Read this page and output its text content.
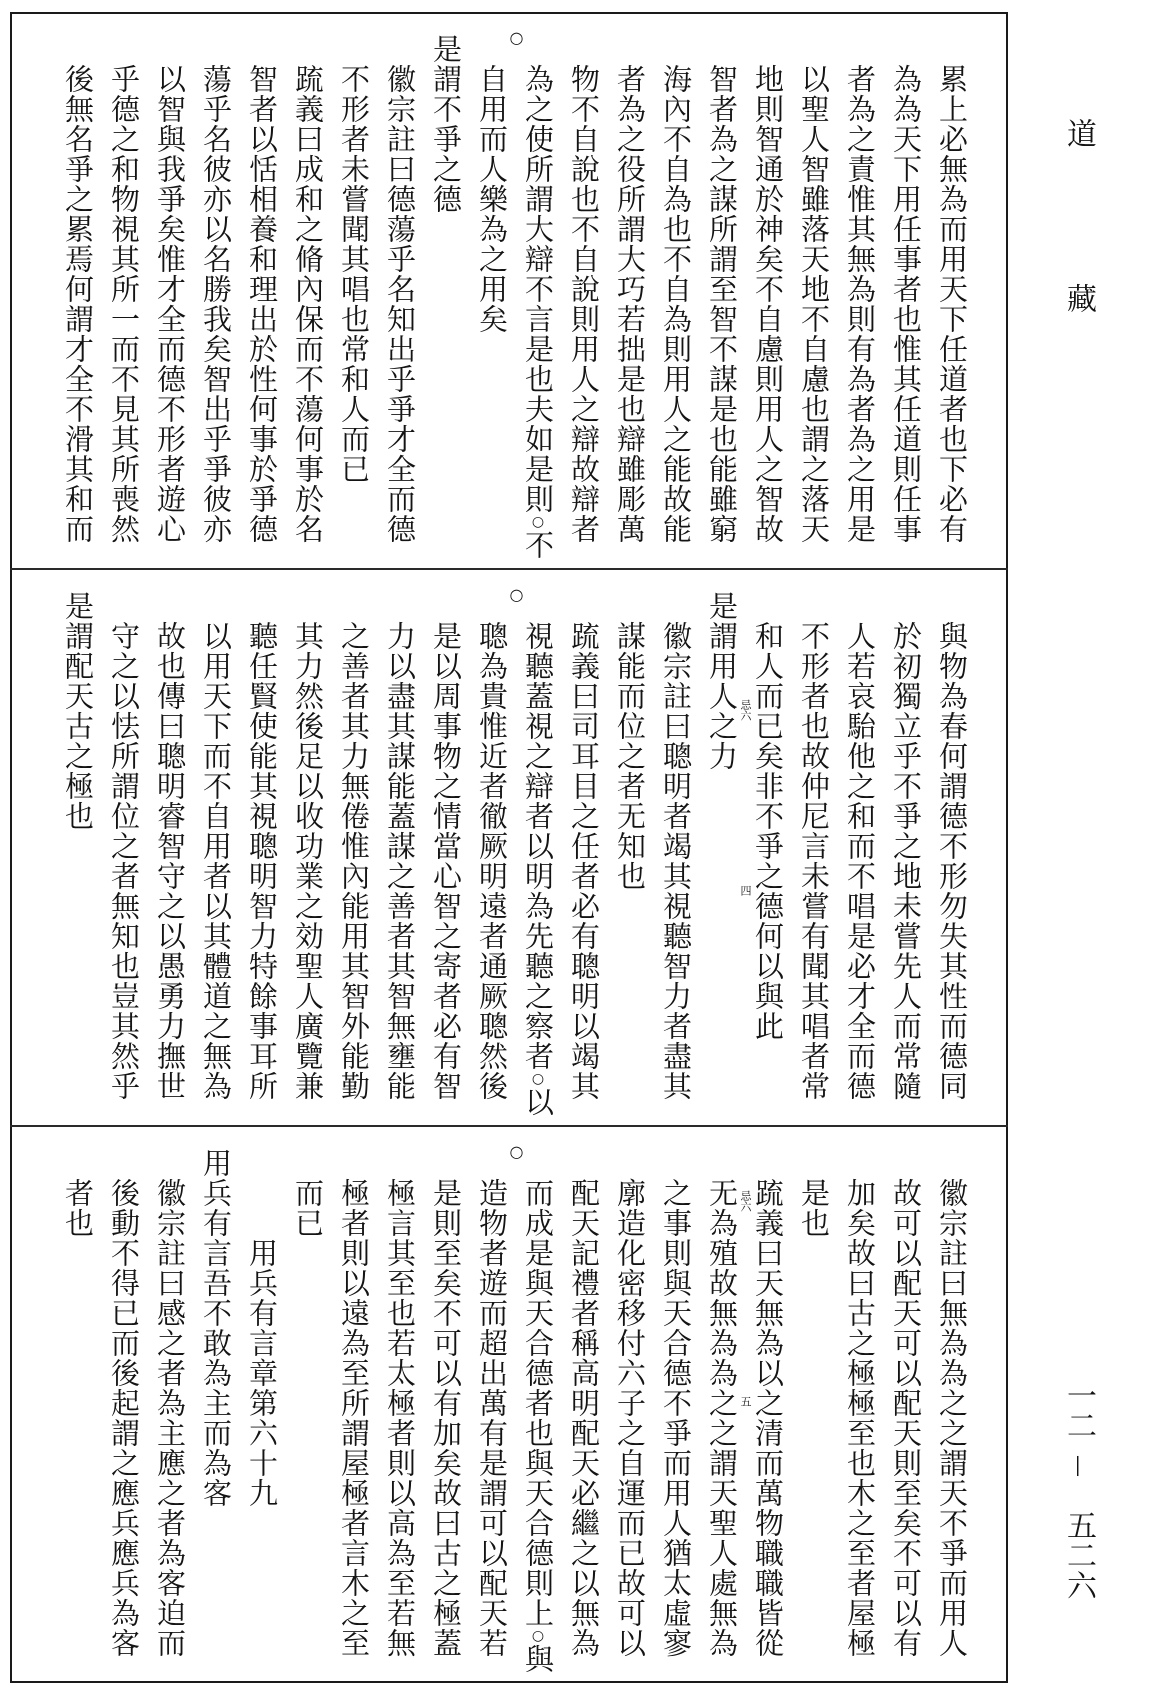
○
累上必無為而用天下任道者也下必有
為為天下用任事者也惟其任道則任事
者為之責惟其無為則有為者為之用是
以聖人智雖落天地不自慮也謂之落天
地則智通於神矣不自慮則用人之智故
智者為之謀所謂至智不謀是也能雖窮
海內不自為也不自為則用人之能故能
者為之役所謂大巧若拙是也辯雖彫萬
物不自說也不自說則用人之辯故辯者
為之使所謂大辯不言是也夫如是則○不
自用而人樂為之用矣
是謂不爭之德
徽宗註曰德蕩乎名知出乎爭才全而德
不形者未嘗聞其唱也常和人而已
䟽義曰成和之脩內保而不蕩何事於名
智者以恬相養和理出於性何事於爭德
蕩乎名彼亦以名勝我矣智出乎爭彼亦
以智與我爭矣惟才全而德不形者遊心
乎德之和物視其所一而不見其所喪然
後無名爭之累焉何謂才全不滑其和而
○
忌六
四	與物為春何謂德不形勿失其性而德同
於初獨立乎不爭之地未嘗先人而常隨
人若哀駘他之和而不唱是必才全而德
不形者也故仲尼言未嘗有聞其唱者常
和人而已矣非不爭之德何以與此
是謂用人之力
徽宗註曰聰明者竭其視聽智力者盡其
謀能而位之者无知也
䟽義曰司耳目之任者必有聰明以竭其
視聽蓋視之辯者以明為先聽之察者○以
聰為貴惟近者徹厥明遠者通厥聰然後
是以周事物之情當心智之寄者必有智
力以盡其謀能蓋謀之善者其智無壅能
之善者其力無倦惟內能用其智外能勤
其力然後足以收功業之効聖人廣覽兼
聽任賢使能其視聰明智力特餘事耳所
以用天下而不自用者以其體道之無為
故也傳曰聰明睿智守之以愚勇力撫世
守之以怯所謂位之者無知也豈其然乎
是謂配天古之極也
○
忌六
五	徽宗註曰無為為之之謂天不爭而用人
故可以配天可以配天則至矣不可以有
加矣故曰古之極極至也木之至者屋極
是也
䟽義曰天無為以之清而萬物職職皆從
无為殖故無為為之之謂天聖人處無為
之事則與天合德不爭而用人猶太虛寥
廓造化密移付六子之自運而已故可以
配天記禮者稱高明配天必繼之以無為
而成是與天合德者也與天合德則上○與
造物者遊而超出萬有是謂可以配天若
是則至矣不可以有加矣故曰古之極蓋
極言其至也若太極者則以高為至若無
極者則以遠為至所謂屋極者言木之至
而已
用兵有言章第六十九
用兵有言吾不敢為主而為客
徽宗註曰感之者為主應之者為客迫而
後動不得已而後起謂之應兵應兵為客
者也
道
藏
一二
—
五二六
